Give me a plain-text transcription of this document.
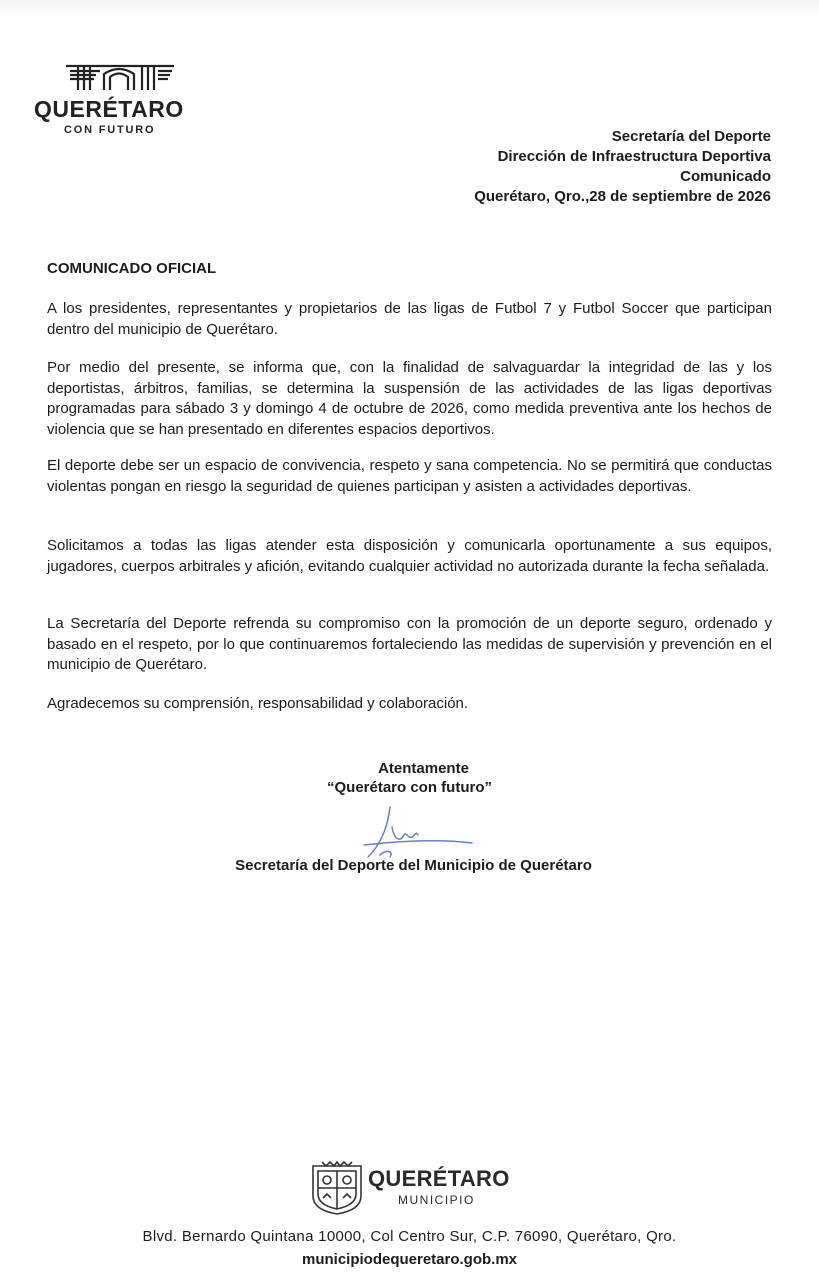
QUERÉTARO
CON FUTURO	Secretaría del Deporte
Dirección de Infraestructura Deportiva
Comunicado
Querétaro, Qro.,28 de septiembre de 2026
COMUNICADO OFICIAL
A los presidentes, representantes y propietarios de las ligas de Futbol 7 y Futbol Soccer que participan dentro del municipio de Querétaro.
Por medio del presente, se informa que, con la finalidad de salvaguardar la integridad de las y los deportistas, árbitros, familias, se determina la suspensión de las actividades de las ligas deportivas programadas para sábado 3 y domingo 4 de octubre de 2026, como medida preventiva ante los hechos de violencia que se han presentado en diferentes espacios deportivos.
El deporte debe ser un espacio de convivencia, respeto y sana competencia. No se permitirá que conductas violentas pongan en riesgo la seguridad de quienes participan y asisten a actividades deportivas.
Solicitamos a todas las ligas atender esta disposición y comunicarla oportunamente a sus equipos, jugadores, cuerpos arbitrales y afición, evitando cualquier actividad no autorizada durante la fecha señalada.
La Secretaría del Deporte refrenda su compromiso con la promoción de un deporte seguro, ordenado y basado en el respeto, por lo que continuaremos fortaleciendo las medidas de supervisión y prevención en el municipio de Querétaro.
Agradecemos su comprensión, responsabilidad y colaboración.
Atentamente
“Querétaro con futuro”
Secretaría del Deporte del Municipio de Querétaro
QUERÉTARO
MUNICIPIO
Blvd. Bernardo Quintana 10000, Col Centro Sur, C.P. 76090, Querétaro, Qro.
municipiodequeretaro.gob.mx
